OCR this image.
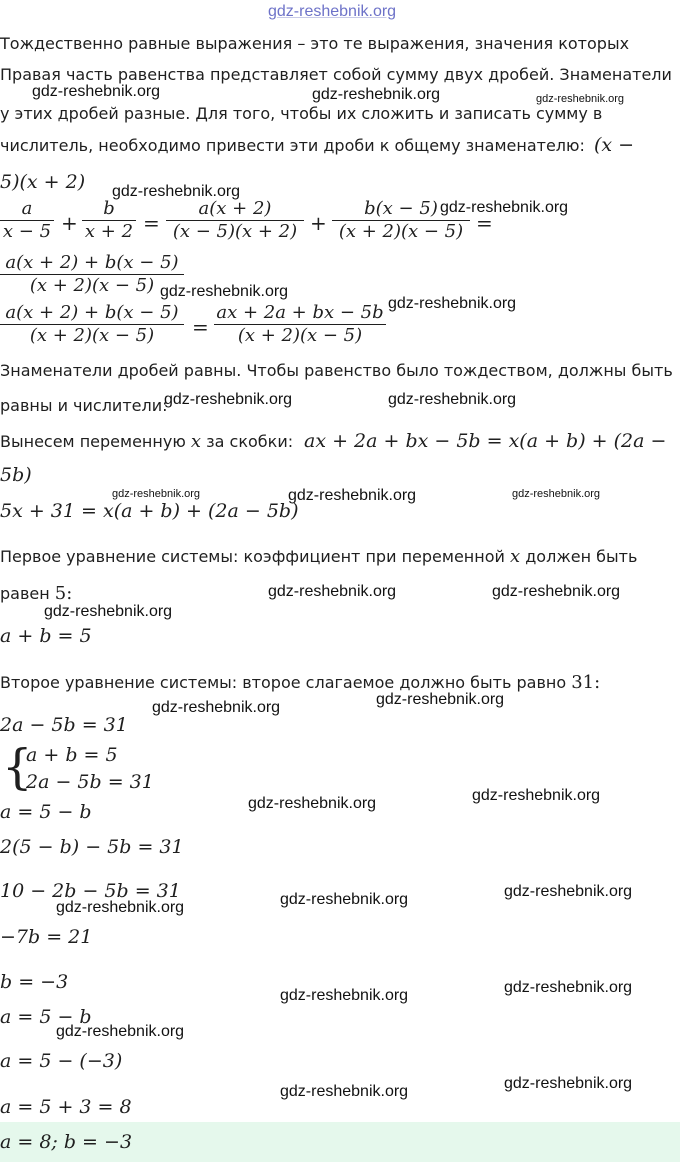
gdz-reshebnik.org
Тождественно равные выражения – это те выражения, значения которых
Правая часть равенства представляет собой сумму двух дробей. Знаменатели
у этих дробей разные. Для того, чтобы их сложить и записать сумму в
числитель, необходимо привести эти дроби к общему знаменателю: (x −
5)(x + 2)
a
x − 5 +
b
x + 2 =
a(x + 2)
(x − 5)(x + 2) +
b(x − 5)
(x + 2)(x − 5) =
a(x + 2) + b(x − 5)
(x + 2)(x − 5)
a(x + 2) + b(x − 5)
(x + 2)(x − 5)	=
ax + 2a + bx − 5b
(x + 2)(x − 5)
Знаменатели дробей равны. Чтобы равенство было тождеством, должны быть
равны и числители:
Вынесем переменную x за скобки: ax + 2a + bx − 5b = x(a + b) + (2a −
5b)
5x + 31 = x(a + b) + (2a − 5b)
Первое уравнение системы: коэффициент при переменной x должен быть
равен 5:
a + b = 5
Второе уравнение системы: второе слагаемое должно быть равно 31:
2a − 5b = 31
{
a + b = 5
2a − 5b = 31
a = 5 − b
2(5 − b) − 5b = 31
10 − 2b − 5b = 31
−7b = 21
b = −3
a = 5 − b
a = 5 − (−3)
a = 5 + 3 = 8
a = 8; b = −3
gdz-reshebnik.org	gdz-reshebnik.org	gdz-reshebnik.org
gdz-reshebnik.org
gdz-reshebnik.org
gdz-reshebnik.org
gdz-reshebnik.org
gdz-reshebnik.org	gdz-reshebnik.org
gdz-reshebnik.org	gdz-reshebnik.org	gdz-reshebnik.org
gdz-reshebnik.org	gdz-reshebnik.org
gdz-reshebnik.org
gdz-reshebnik.org
gdz-reshebnik.org
gdz-reshebnik.org
gdz-reshebnik.org
gdz-reshebnik.org
gdz-reshebnik.org
gdz-reshebnik.org
gdz-reshebnik.org
gdz-reshebnik.org
gdz-reshebnik.org
gdz-reshebnik.org
gdz-reshebnik.org
